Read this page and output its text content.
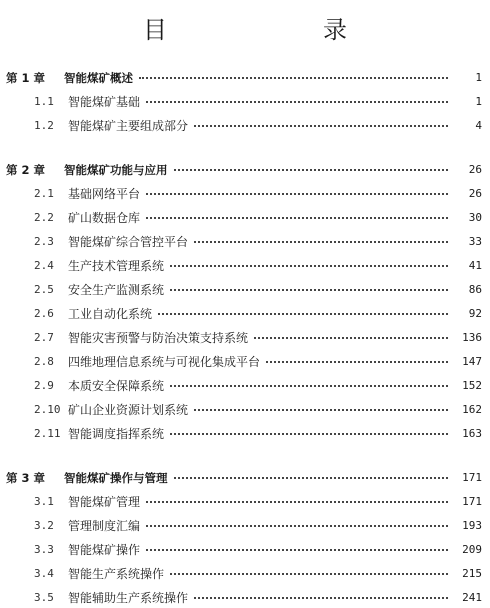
目　　录
第 1 章	智能煤矿概述	1
1.1	智能煤矿基础	1
1.2	智能煤矿主要组成部分	4
第 2 章	智能煤矿功能与应用	26
2.1	基础网络平台	26
2.2	矿山数据仓库	30
2.3	智能煤矿综合管控平台	33
2.4	生产技术管理系统	41
2.5	安全生产监测系统	86
2.6	工业自动化系统	92
2.7	智能灾害预警与防治决策支持系统	136
2.8	四维地理信息系统与可视化集成平台	147
2.9	本质安全保障系统	152
2.10 矿山企业资源计划系统	162
2.11 智能调度指挥系统	163
第 3 章	智能煤矿操作与管理	171
3.1	智能煤矿管理	171
3.2	管理制度汇编	193
3.3	智能煤矿操作	209
3.4	智能生产系统操作	215
3.5	智能辅助生产系统操作	241
